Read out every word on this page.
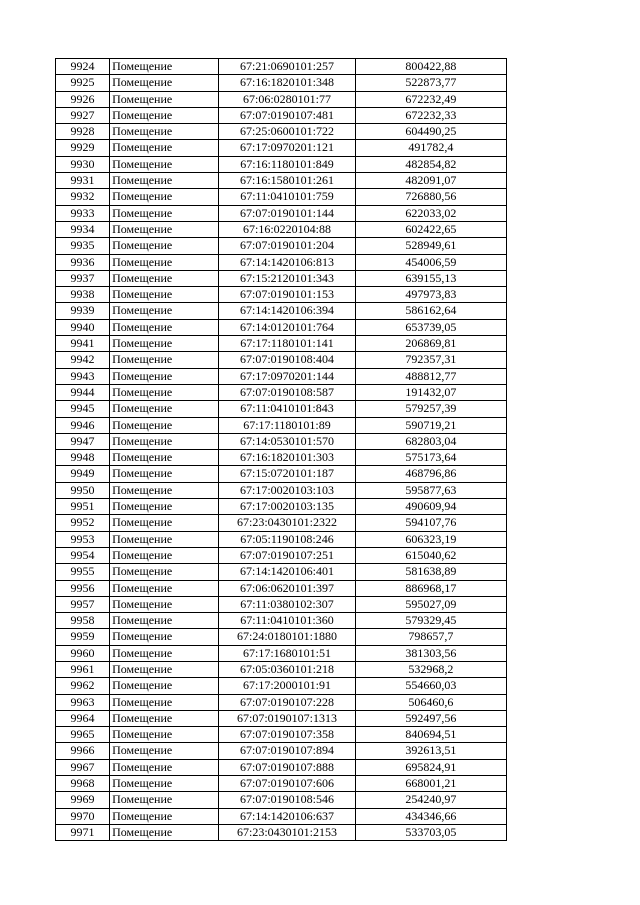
9924	Помещение	67:21:0690101:257	800422,88
9925	Помещение	67:16:1820101:348	522873,77
9926	Помещение	67:06:0280101:77	672232,49
9927	Помещение	67:07:0190107:481	672232,33
9928	Помещение	67:25:0600101:722	604490,25
9929	Помещение	67:17:0970201:121	491782,4
9930	Помещение	67:16:1180101:849	482854,82
9931	Помещение	67:16:1580101:261	482091,07
9932	Помещение	67:11:0410101:759	726880,56
9933	Помещение	67:07:0190101:144	622033,02
9934	Помещение	67:16:0220104:88	602422,65
9935	Помещение	67:07:0190101:204	528949,61
9936	Помещение	67:14:1420106:813	454006,59
9937	Помещение	67:15:2120101:343	639155,13
9938	Помещение	67:07:0190101:153	497973,83
9939	Помещение	67:14:1420106:394	586162,64
9940	Помещение	67:14:0120101:764	653739,05
9941	Помещение	67:17:1180101:141	206869,81
9942	Помещение	67:07:0190108:404	792357,31
9943	Помещение	67:17:0970201:144	488812,77
9944	Помещение	67:07:0190108:587	191432,07
9945	Помещение	67:11:0410101:843	579257,39
9946	Помещение	67:17:1180101:89	590719,21
9947	Помещение	67:14:0530101:570	682803,04
9948	Помещение	67:16:1820101:303	575173,64
9949	Помещение	67:15:0720101:187	468796,86
9950	Помещение	67:17:0020103:103	595877,63
9951	Помещение	67:17:0020103:135	490609,94
9952	Помещение	67:23:0430101:2322	594107,76
9953	Помещение	67:05:1190108:246	606323,19
9954	Помещение	67:07:0190107:251	615040,62
9955	Помещение	67:14:1420106:401	581638,89
9956	Помещение	67:06:0620101:397	886968,17
9957	Помещение	67:11:0380102:307	595027,09
9958	Помещение	67:11:0410101:360	579329,45
9959	Помещение	67:24:0180101:1880	798657,7
9960	Помещение	67:17:1680101:51	381303,56
9961	Помещение	67:05:0360101:218	532968,2
9962	Помещение	67:17:2000101:91	554660,03
9963	Помещение	67:07:0190107:228	506460,6
9964	Помещение	67:07:0190107:1313	592497,56
9965	Помещение	67:07:0190107:358	840694,51
9966	Помещение	67:07:0190107:894	392613,51
9967	Помещение	67:07:0190107:888	695824,91
9968	Помещение	67:07:0190107:606	668001,21
9969	Помещение	67:07:0190108:546	254240,97
9970	Помещение	67:14:1420106:637	434346,66
9971	Помещение	67:23:0430101:2153	533703,05
